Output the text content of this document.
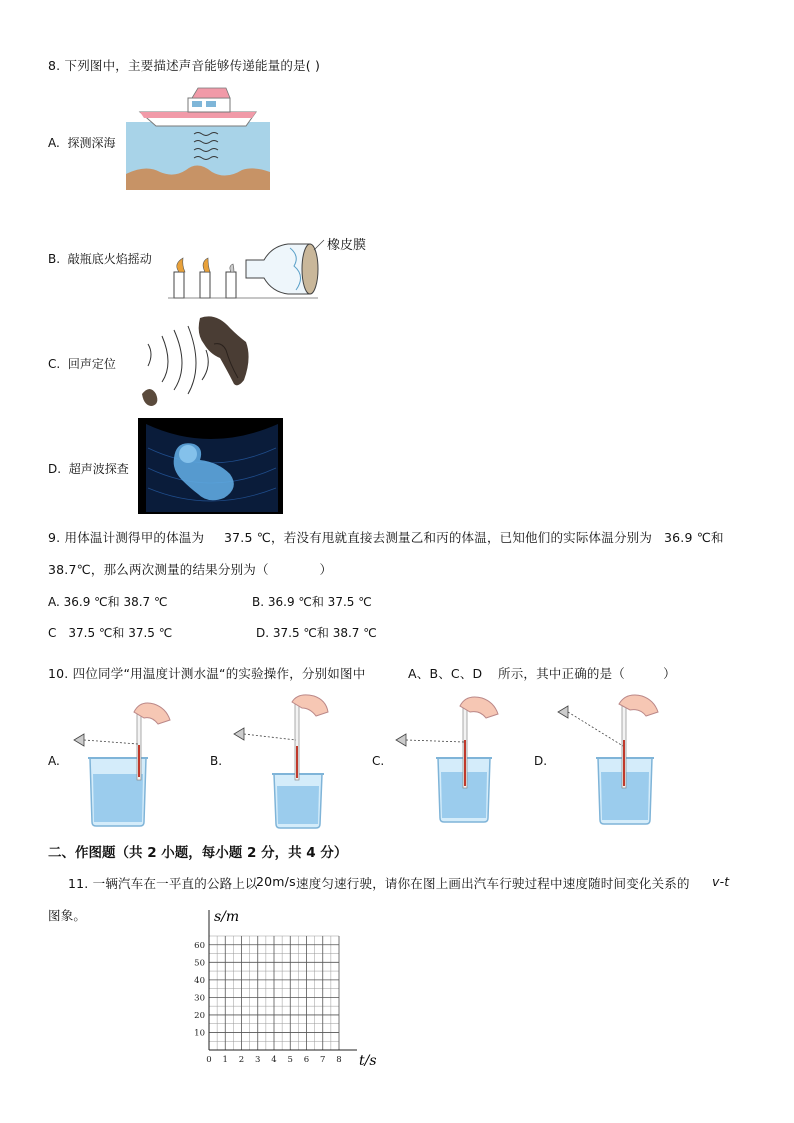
8. 下列图中，主要描述声音能够传递能量的是( )
A. 探测深海
橡皮膜
B. 敲瓶底火焰摇动
C. 回声定位
D. 超声波探查
9. 用体温计测得甲的体温为 37.5 ℃，若没有甩就直接去测量乙和丙的体温，已知他们的实际体温分别为 36.9 ℃和
38.7℃，那么两次测量的结果分别为（　　　　）
A. 36.9 ℃和 38.7 ℃	B. 36.9 ℃和 37.5 ℃
C　37.5 ℃和 37.5 ℃	D. 37.5 ℃和 38.7 ℃
10. 四位同学“用温度计测水温“的实验操作，分别如图中	A、B、C、D 所示，其中正确的是（　　　）
A.	B.	C.	D.
二、作图题（共 2 小题，每小题 2 分，共 4 分）
11. 一辆汽车在一平直的公路上以
20m/s 速度匀速行驶，请你在图上画出汽车行驶过程中速度随时间变化关系的 v-t
图象。
0 1 2 3 4 5 6 7 8
10
20
30
40
50
60
s/m
t/s
